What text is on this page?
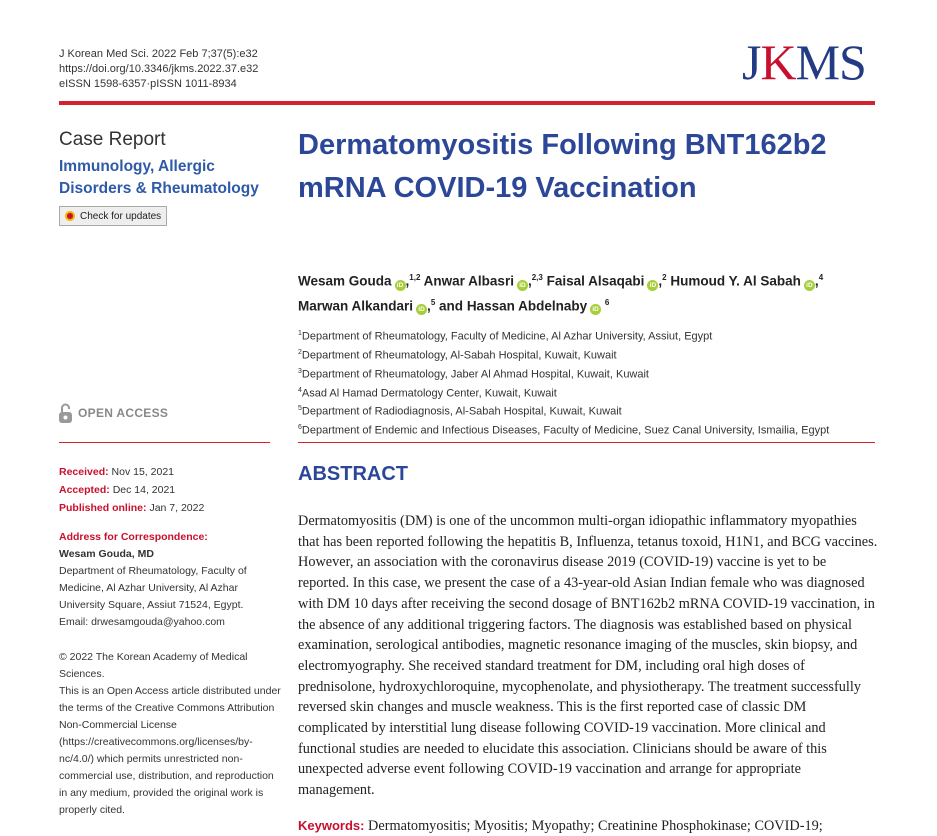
J Korean Med Sci. 2022 Feb 7;37(5):e32
https://doi.org/10.3346/jkms.2022.37.e32
eISSN 1598-6357·pISSN 1011-8934	JKMS
Case Report
Immunology, Allergic Disorders & Rheumatology
Check for updates
OPEN ACCESS
Received: Nov 15, 2021
Accepted: Dec 14, 2021
Published online: Jan 7, 2022
Address for Correspondence:
Wesam Gouda, MD
Department of Rheumatology, Faculty of Medicine, Al Azhar University, Al Azhar University Square, Assiut 71524, Egypt.
Email: drwesamgouda@yahoo.com
© 2022 The Korean Academy of Medical Sciences.
This is an Open Access article distributed under the terms of the Creative Commons Attribution Non-Commercial License (https://creativecommons.org/licenses/by-nc/4.0/) which permits unrestricted non-commercial use, distribution, and reproduction in any medium, provided the original work is properly cited.
Dermatomyositis Following BNT162b2 mRNA COVID-19 Vaccination
Wesam Gouda iD ,$^{1,2}$ Anwar Albasri iD ,$^{2,3}$ Faisal Alsaqabi iD ,$^2$ Humoud Y. Al Sabah iD ,$^4$
Marwan Alkandari iD ,$^5$ and Hassan Abdelnaby iD $^6$
$^1$Department of Rheumatology, Faculty of Medicine, Al Azhar University, Assiut, Egypt
$^2$Department of Rheumatology, Al-Sabah Hospital, Kuwait, Kuwait
$^3$Department of Rheumatology, Jaber Al Ahmad Hospital, Kuwait, Kuwait
$^4$Asad Al Hamad Dermatology Center, Kuwait, Kuwait
$^5$Department of Radiodiagnosis, Al-Sabah Hospital, Kuwait, Kuwait
$^6$Department of Endemic and Infectious Diseases, Faculty of Medicine, Suez Canal University, Ismailia, Egypt
ABSTRACT
Dermatomyositis (DM) is one of the uncommon multi-organ idiopathic inflammatory myopathies that has been reported following the hepatitis B, Influenza, tetanus toxoid, H1N1, and BCG vaccines. However, an association with the coronavirus disease 2019 (COVID-19) vaccine is yet to be reported. In this case, we present the case of a 43-year-old Asian Indian female who was diagnosed with DM 10 days after receiving the second dosage of BNT162b2 mRNA COVID-19 vaccination, in the absence of any additional triggering factors. The diagnosis was established based on physical examination, serological antibodies, magnetic resonance imaging of the muscles, skin biopsy, and electromyography. She received standard treatment for DM, including oral high doses of prednisolone, hydroxychloroquine, mycophenolate, and physiotherapy. The treatment successfully reversed skin changes and muscle weakness. This is the first reported case of classic DM complicated by interstitial lung disease following COVID-19 vaccination. More clinical and functional studies are needed to elucidate this association. Clinicians should be aware of this unexpected adverse event following COVID-19 vaccination and arrange for appropriate management.
Keywords: Dermatomyositis; Myositis; Myopathy; Creatinine Phosphokinase; COVID-19;
